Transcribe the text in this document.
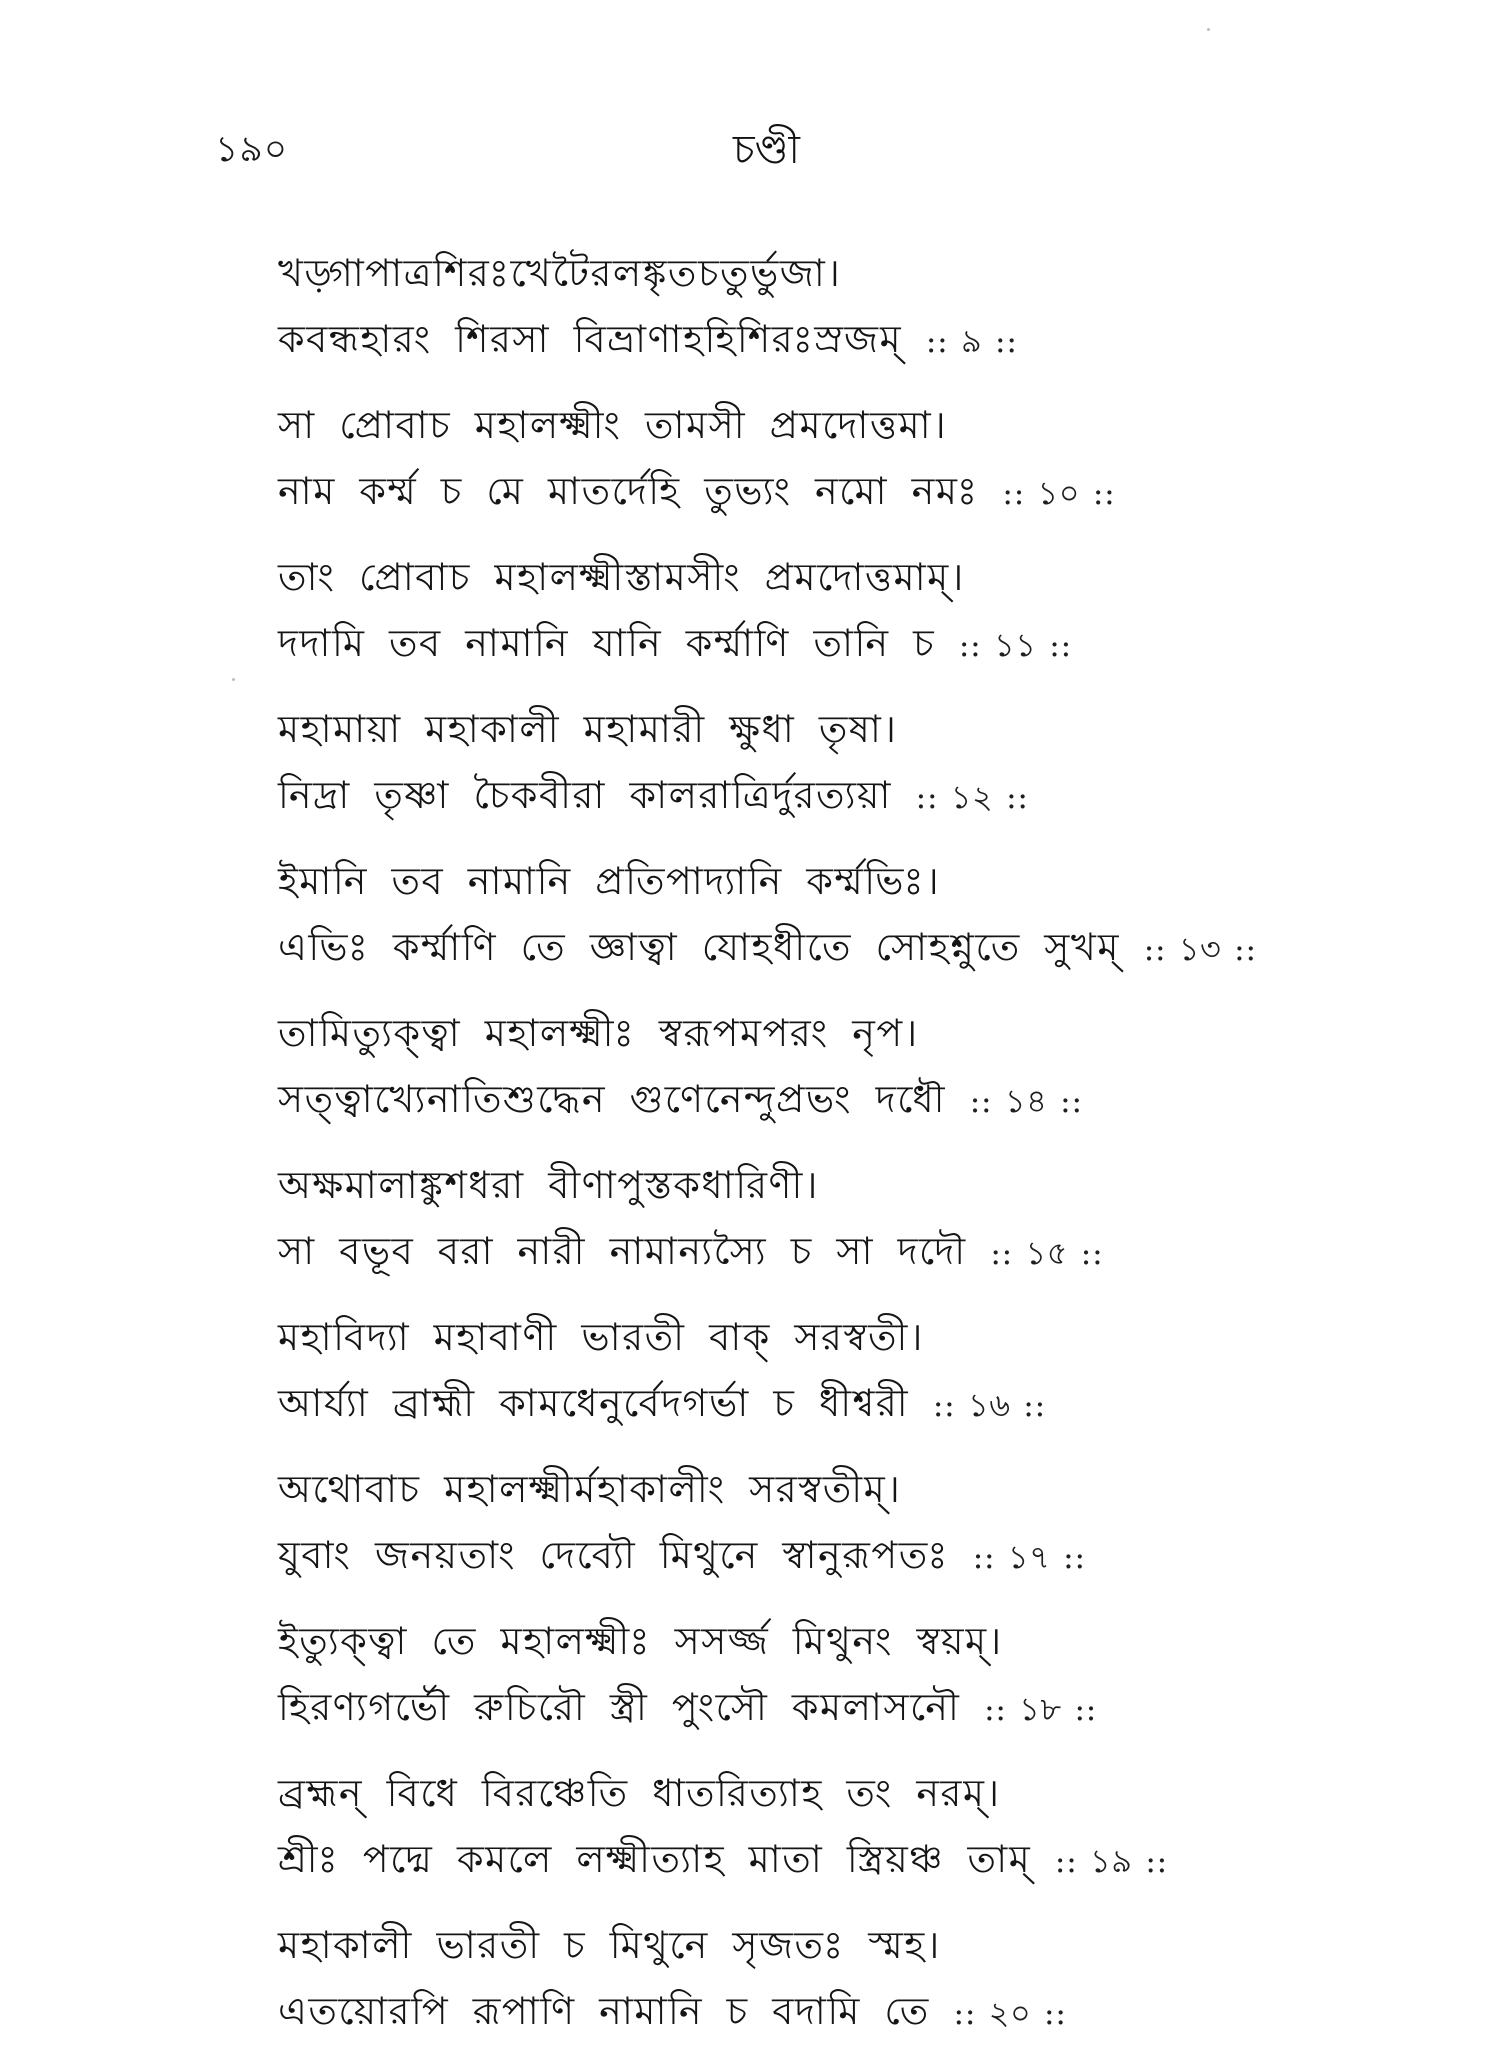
১৯০	চণ্ডী
খড়্গাপাত্রশিরঃখেটৈরলঙ্কৃতচতুর্ভুজা।
কবন্ধহারং শিরসা বিভ্রাণাহহিশিরঃস্রজম্ :: ৯ ::
সা প্রোবাচ মহালক্ষ্মীং তামসী প্রমদোত্তমা।
নাম কর্ম্ম চ মে মাতর্দেহি তুভ্যং নমো নমঃ :: ১০ ::
তাং প্রোবাচ মহালক্ষ্মীস্তামসীং প্রমদোত্তমাম্।
দদামি তব নামানি যানি কর্ম্মাণি তানি চ :: ১১ ::
মহামায়া মহাকালী মহামারী ক্ষুধা তৃষা।
নিদ্রা তৃষ্ণা চৈকবীরা কালরাত্রির্দুরত্যয়া :: ১২ ::
ইমানি তব নামানি প্রতিপাদ্যানি কর্ম্মভিঃ।
এভিঃ কর্ম্মাণি তে জ্ঞাত্বা যোহধীতে সোহশ্নুতে সুখম্ :: ১৩ ::
তামিত্যুক্ত্বা মহালক্ষ্মীঃ স্বরূপমপরং নৃপ।
সত্ত্বাখ্যেনাতিশুদ্ধেন গুণেনেন্দুপ্রভং দধৌ :: ১৪ ::
অক্ষমালাঙ্কুশধরা বীণাপুস্তকধারিণী।
সা বভূব বরা নারী নামান্যস্যৈ চ সা দদৌ :: ১৫ ::
মহাবিদ্যা মহাবাণী ভারতী বাক্ সরস্বতী।
আর্য্যা ব্রাহ্মী কামধেনুর্বেদগর্ভা চ ধীশ্বরী :: ১৬ ::
অথোবাচ মহালক্ষ্মীর্মহাকালীং সরস্বতীম্।
যুবাং জনয়তাং দেব্যৌ মিথুনে স্বানুরূপতঃ :: ১৭ ::
ইত্যুক্ত্বা তে মহালক্ষ্মীঃ সসর্জ্জ মিথুনং স্বয়ম্।
হিরণ্যগর্ভৌ রুচিরৌ স্ত্রী পুংসৌ কমলাসনৌ :: ১৮ ::
ব্রহ্মন্ বিধে বিরঞ্চেতি ধাতরিত্যাহ তং নরম্।
শ্রীঃ পদ্মে কমলে লক্ষ্মীত্যাহ মাতা স্ত্রিয়ঞ্চ তাম্ :: ১৯ ::
মহাকালী ভারতী চ মিথুনে সৃজতঃ স্মহ।
এতয়োরপি রূপাণি নামানি চ বদামি তে :: ২০ ::
